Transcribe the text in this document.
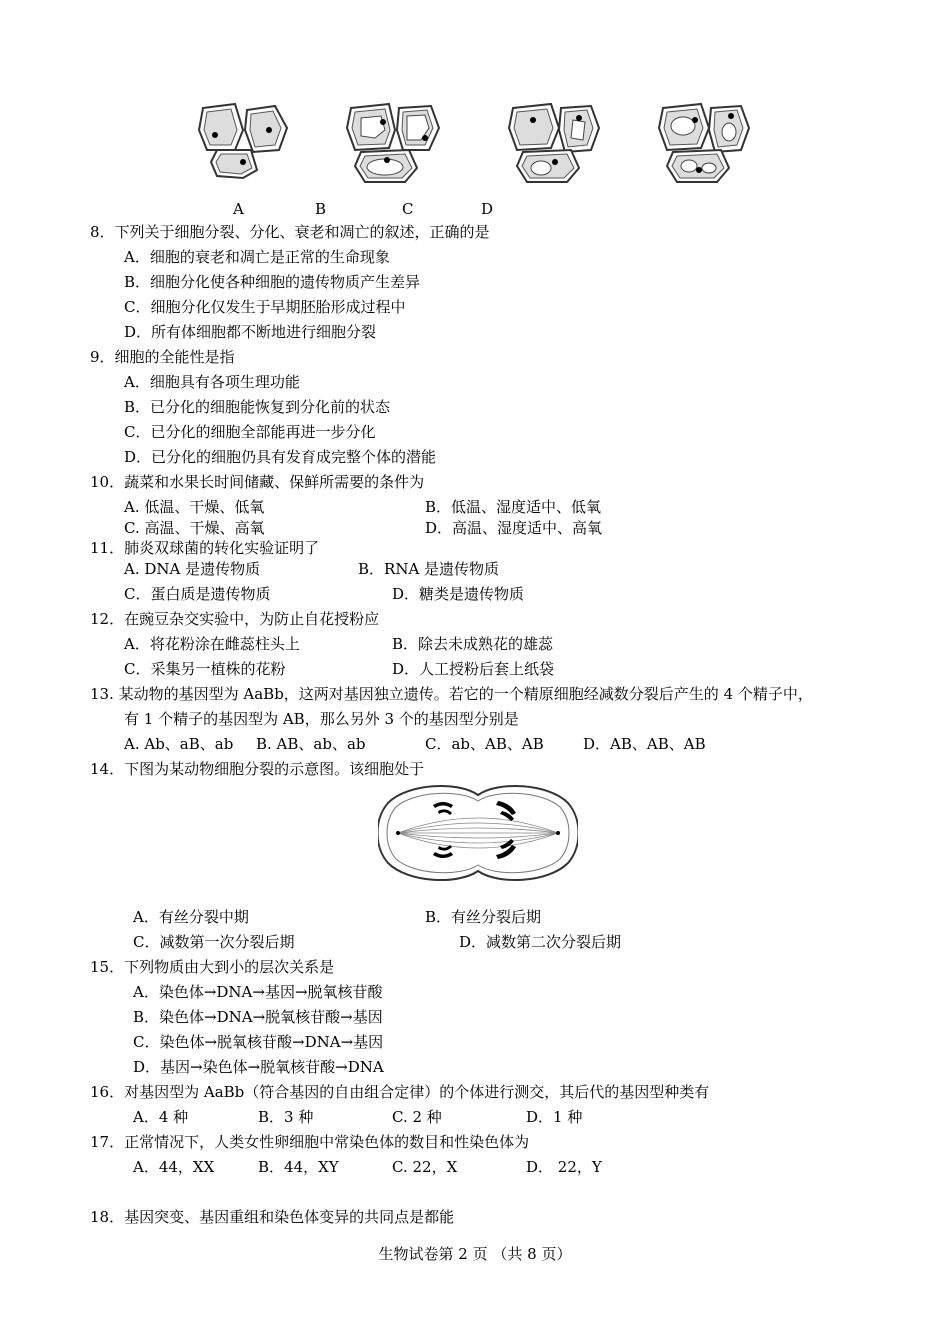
A	B	C	D
8．下列关于细胞分裂、分化、衰老和凋亡的叙述，正确的是
A．细胞的衰老和凋亡是正常的生命现象
B．细胞分化使各种细胞的遗传物质产生差异
C．细胞分化仅发生于早期胚胎形成过程中
D．所有体细胞都不断地进行细胞分裂
9．细胞的全能性是指
A．细胞具有各项生理功能
B．已分化的细胞能恢复到分化前的状态
C．已分化的细胞全部能再进一步分化
D．已分化的细胞仍具有发育成完整个体的潜能
10．蔬菜和水果长时间储藏、保鲜所需要的条件为
A. 低温、干燥、低氧	B．低温、湿度适中、低氧
C. 高温、干燥、高氧	D．高温、湿度适中、高氧
11．肺炎双球菌的转化实验证明了
A. DNA 是遗传物质	B．RNA 是遗传物质
C．蛋白质是遗传物质	D．糖类是遗传物质
12．在豌豆杂交实验中，为防止自花授粉应
A．将花粉涂在雌蕊柱头上	B．除去未成熟花的雄蕊
C．采集另一植株的花粉	D．人工授粉后套上纸袋
13. 某动物的基因型为 AaBb，这两对基因独立遗传。若它的一个精原细胞经减数分裂后产生的 4 个精子中，
有 1 个精子的基因型为 AB，那么另外 3 个的基因型分别是
A. Ab、aB、ab B. AB、ab、ab	C．ab、AB、AB	D．AB、AB、AB
14．下图为某动物细胞分裂的示意图。该细胞处于
A．有丝分裂中期	B．有丝分裂后期
C．减数第一次分裂后期	D．减数第二次分裂后期
15．下列物质由大到小的层次关系是
A．染色体→DNA→基因→脱氧核苷酸
B．染色体→DNA→脱氧核苷酸→基因
C．染色体→脱氧核苷酸→DNA→基因
D．基因→染色体→脱氧核苷酸→DNA
16．对基因型为 AaBb（符合基因的自由组合定律）的个体进行测交，其后代的基因型种类有
A．4 种	B．3 种	C. 2 种	D．1 种
17．正常情况下，人类女性卵细胞中常染色体的数目和性染色体为
A．44，XX	B．44，XY	C. 22，X	D． 22，Y
18．基因突变、基因重组和染色体变异的共同点是都能
生物试卷第 2 页 （共 8 页）
